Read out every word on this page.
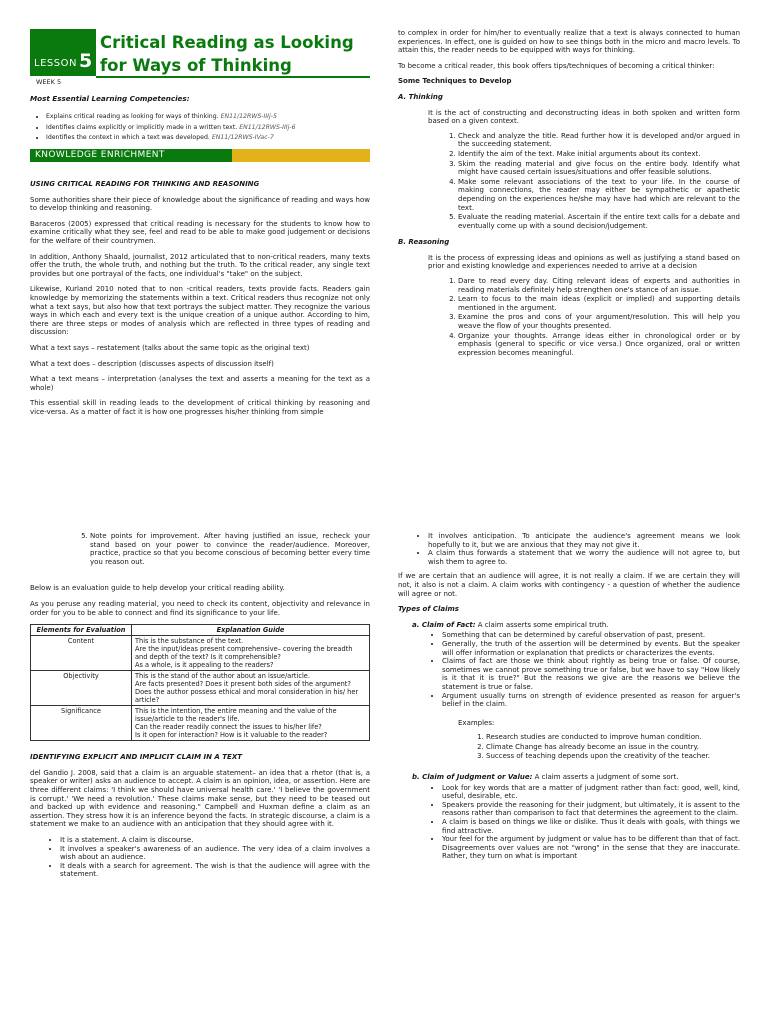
LESSON 5
Critical Reading as Looking for Ways of Thinking
WEEK 5
Most Essential Learning Competencies:
• Explains critical reading as looking for ways of thinking. EN11/12RWS-IIIj-5
• Identifies claims explicitly or implicitly made in a written text. EN11/12RWS-IIIj-6
• Identifies the context in which a text was developed. EN11/12RWS-IVac-7
KNOWLEDGE ENRICHMENT

USING CRITICAL READING FOR THINKING AND REASONING

Some authorities share their piece of knowledge about the significance of reading and ways how to develop thinking and reasoning.

Baraceros (2005) expressed that critical reading is necessary for the students to know how to examine critically what they see, feel and read to be able to make good judgement or decisions for the welfare of their countrymen.

In addition, Anthony Shaald, journalist, 2012 articulated that to non-critical readers, many texts offer the truth, the whole truth, and nothing but the truth. To the critical reader, any single text provides but one portrayal of the facts, one individual's "take" on the subject.

Likewise, Kurland 2010 noted that to non -critical readers, texts provide facts. Readers gain knowledge by memorizing the statements within a text. Critical readers thus recognize not only what a text says, but also how that text portrays the subject matter. They recognize the various ways in which each and every text is the unique creation of a unique author. According to him, there are three steps or modes of analysis which are reflected in three types of reading and discussion:

What a text says – restatement (talks about the same topic as the original text)

What a text does – description (discusses aspects of discussion itself)

What a text means – interpretation (analyses the text and asserts a meaning for the text as a whole)

This essential skill in reading leads to the development of critical thinking by reasoning and vice-versa. As a matter of fact it is how one progresses his/her thinking from simple

to complex in order for him/her to eventually realize that a text is always connected to human experiences. In effect, one is guided on how to see things both in the micro and macro levels. To attain this, the reader needs to be equipped with ways for thinking.

To become a critical reader, this book offers tips/techniques of becoming a critical thinker:

Some Techniques to Develop

A. Thinking

It is the act of constructing and deconstructing ideas in both spoken and written form based on a given context.

1. Check and analyze the title. Read further how it is developed and/or argued in the succeeding statement.
2. Identify the aim of the text. Make initial arguments about its context.
3. Skim the reading material and give focus on the entire body. Identify what might have caused certain issues/situations and offer feasible solutions.
4. Make some relevant associations of the text to your life. In the course of making connections, the reader may either be sympathetic or apathetic depending on the experiences he/she may have had which are relevant to the text.
5. Evaluate the reading material. Ascertain if the entire text calls for a debate and eventually come up with a sound decision/judgement.

B. Reasoning

It is the process of expressing ideas and opinions as well as justifying a stand based on prior and existing knowledge and experiences needed to arrive at a decision

1. Dare to read every day. Citing relevant ideas of experts and authorities in reading materials definitely help strengthen one's stance of an issue.
2. Learn to focus to the main ideas (explicit or implied) and supporting details mentioned in the argument.
3. Examine the pros and cons of your argument/resolution. This will help you weave the flow of your thoughts presented.
4. Organize your thoughts. Arrange ideas either in chronological order or by emphasis (general to specific or vice versa.) Once organized, oral or written expression becomes meaningful.
5. Note points for improvement. After having justified an issue, recheck your stand based on your power to convince the reader/audience. Moreover, practice, practice so that you become conscious of becoming better every time you reason out.

Below is an evaluation guide to help develop your critical reading ability.

As you peruse any reading material, you need to check its content, objectivity and relevance in order for you to be able to connect and find its significance to your life.

Elements for Evaluation	Explanation Guide
Content	This is the substance of the text.
Are the input/ideas present comprehensive– covering the breadth and depth of the text? Is it comprehensible?
As a whole, is it appealing to the readers?

Objectivity	This is the stand of the author about an issue/article.
Are facts presented? Does it present both sides of the argument? Does the author possess ethical and moral consideration in his/ her article?

Significance	This is the intention, the entire meaning and the value of the issue/article to the reader's life.
Can the reader readily connect the issues to his/her life?
Is it open for interaction? How is it valuable to the reader?

IDENTIFYING EXPLICIT AND IMPLICIT CLAIM IN A TEXT

del Gandio J. 2008, said that a claim is an arguable statement– an idea that a rhetor (that is, a speaker or writer) asks an audience to accept. A claim is an opinion, idea, or assertion. Here are three different claims: 'I think we should have universal health care.' 'I believe the government is corrupt.' 'We need a revolution.' These claims make sense, but they need to be teased out and backed up with evidence and reasoning." Campbell and Huxman define a claim as an assertion. They stress how it is an inference beyond the facts. In strategic discourse, a claim is a statement we make to an audience with an anticipation that they should agree with it.

• It is a statement. A claim is discourse.
• It involves a speaker's awareness of an audience. The very idea of a claim involves a wish about an audience.
• It deals with a search for agreement. The wish is that the audience will agree with the statement.
• It involves anticipation. To anticipate the audience's agreement means we look hopefully to it, but we are anxious that they may not give it.
• A claim thus forwards a statement that we worry the audience will not agree to, but wish them to agree to.

If we are certain that an audience will agree, it is not really a claim. If we are certain they will not, it also is not a claim. A claim works with contingency - a question of whether the audience will agree or not.

Types of Claims

a. Claim of Fact: A claim asserts some empirical truth.

• Something that can be determined by careful observation of past, present.
• Generally, the truth of the assertion will be determined by events. But the speaker will offer information or explanation that predicts or characterizes the events.
• Claims of fact are those we think about rightly as being true or false. Of course, sometimes we cannot prove something true or false, but we have to say "How likely is it that it is true?" But the reasons we give are the reasons we believe the statement is true or false.
• Argument usually turns on strength of evidence presented as reason for arguer's belief in the claim.

Examples:

1. Research studies are conducted to improve human condition.
2. Climate Change has already become an issue in the country.
3. Success of teaching depends upon the creativity of the teacher.

b. Claim of Judgment or Value: A claim asserts a judgment of some sort.

• Look for key words that are a matter of judgment rather than fact: good, well, kind, useful, desirable, etc.
• Speakers provide the reasoning for their judgment, but ultimately, it is assent to the reasons rather than comparison to fact that determines the agreement to the claim.
• A claim is based on things we like or dislike. Thus it deals with goals, with things we find attractive.
• Your feel for the argument by judgment or value has to be different than that of fact. Disagreements over values are not "wrong" in the sense that they are inaccurate. Rather, they turn on what is important
